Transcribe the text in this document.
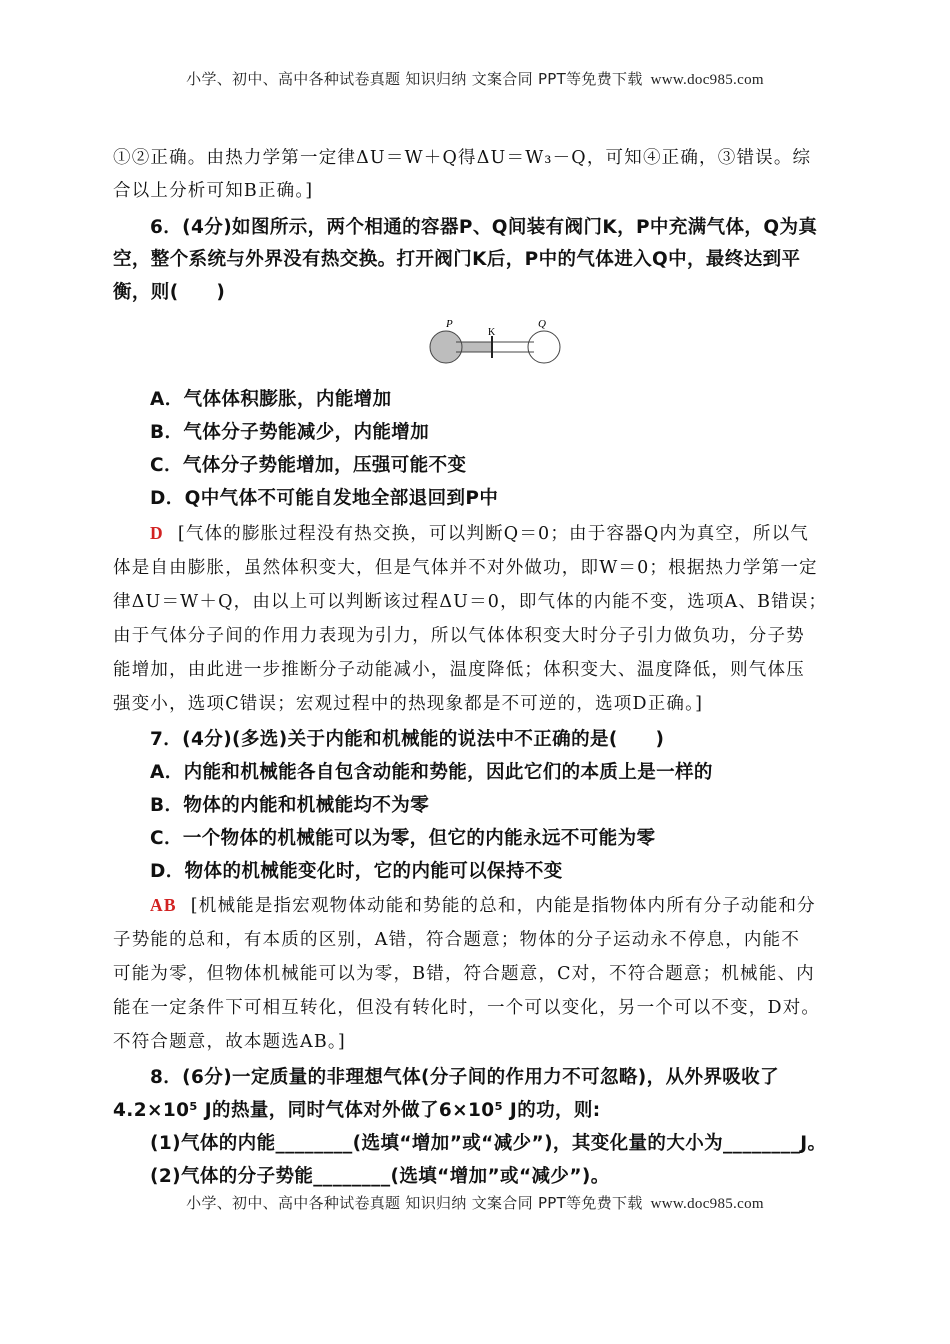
小学、初中、高中各种试卷真题 知识归纳 文案合同 PPT等免费下载 www.doc985.com
①②正确。由热力学第一定律ΔU＝W＋Q得ΔU＝W₃－Q，可知④正确，③错误。综
合以上分析可知B正确。]
6．(4分)如图所示，两个相通的容器P、Q间装有阀门K，P中充满气体，Q为真
空，整个系统与外界没有热交换。打开阀门K后，P中的气体进入Q中，最终达到平
衡，则(　　)
P
K
Q
A．气体体积膨胀，内能增加
B．气体分子势能减少，内能增加
C．气体分子势能增加，压强可能不变
D．Q中气体不可能自发地全部退回到P中
D [气体的膨胀过程没有热交换，可以判断Q＝0；由于容器Q内为真空，所以气
体是自由膨胀，虽然体积变大，但是气体并不对外做功，即W＝0；根据热力学第一定
律ΔU＝W＋Q，由以上可以判断该过程ΔU＝0，即气体的内能不变，选项A、B错误；
由于气体分子间的作用力表现为引力，所以气体体积变大时分子引力做负功，分子势
能增加，由此进一步推断分子动能减小，温度降低；体积变大、温度降低，则气体压
强变小，选项C错误；宏观过程中的热现象都是不可逆的，选项D正确。]
7．(4分)(多选)关于内能和机械能的说法中不正确的是(　　)
A．内能和机械能各自包含动能和势能，因此它们的本质上是一样的
B．物体的内能和机械能均不为零
C．一个物体的机械能可以为零，但它的内能永远不可能为零
D．物体的机械能变化时，它的内能可以保持不变
AB [机械能是指宏观物体动能和势能的总和，内能是指物体内所有分子动能和分
子势能的总和，有本质的区别，A错，符合题意；物体的分子运动永不停息，内能不
可能为零，但物体机械能可以为零，B错，符合题意，C对，不符合题意；机械能、内
能在一定条件下可相互转化，但没有转化时，一个可以变化，另一个可以不变，D对。
不符合题意，故本题选AB。]
8．(6分)一定质量的非理想气体(分子间的作用力不可忽略)，从外界吸收了
4.2×10⁵ J的热量，同时气体对外做了6×10⁵ J的功，则:
(1)气体的内能________(选填“增加”或“减少”)，其变化量的大小为________J。
(2)气体的分子势能________(选填“增加”或“减少”)。
小学、初中、高中各种试卷真题 知识归纳 文案合同 PPT等免费下载 www.doc985.com
